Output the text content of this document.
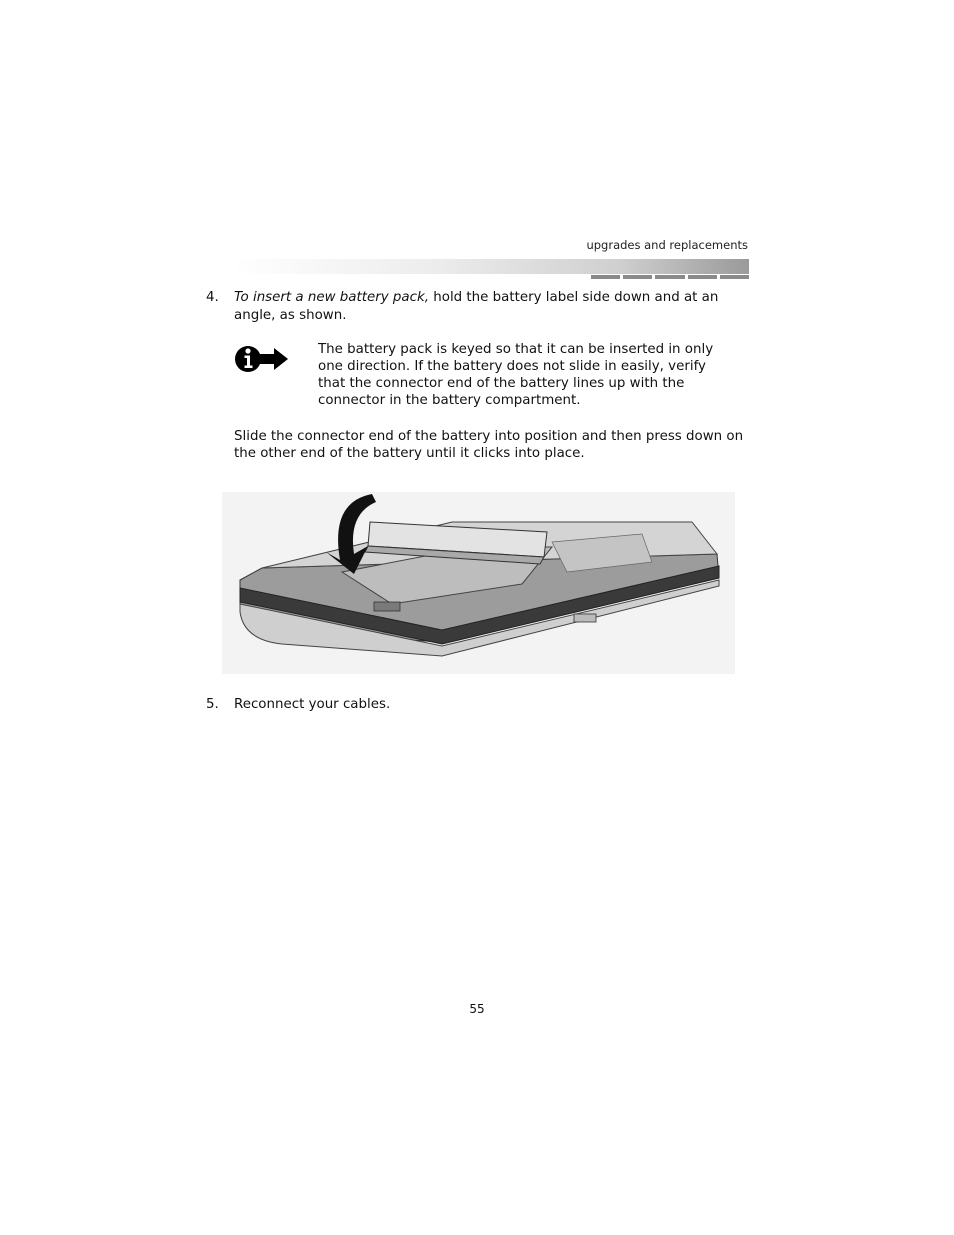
upgrades and replacements
4. To insert a new battery pack, hold the battery label side down and at an angle, as shown.
The battery pack is keyed so that it can be inserted in only one direction. If the battery does not slide in easily, verify that the connector end of the battery lines up with the connector in the battery compartment.
Slide the connector end of the battery into position and then press down on the other end of the battery until it clicks into place.
5. Reconnect your cables.
55
